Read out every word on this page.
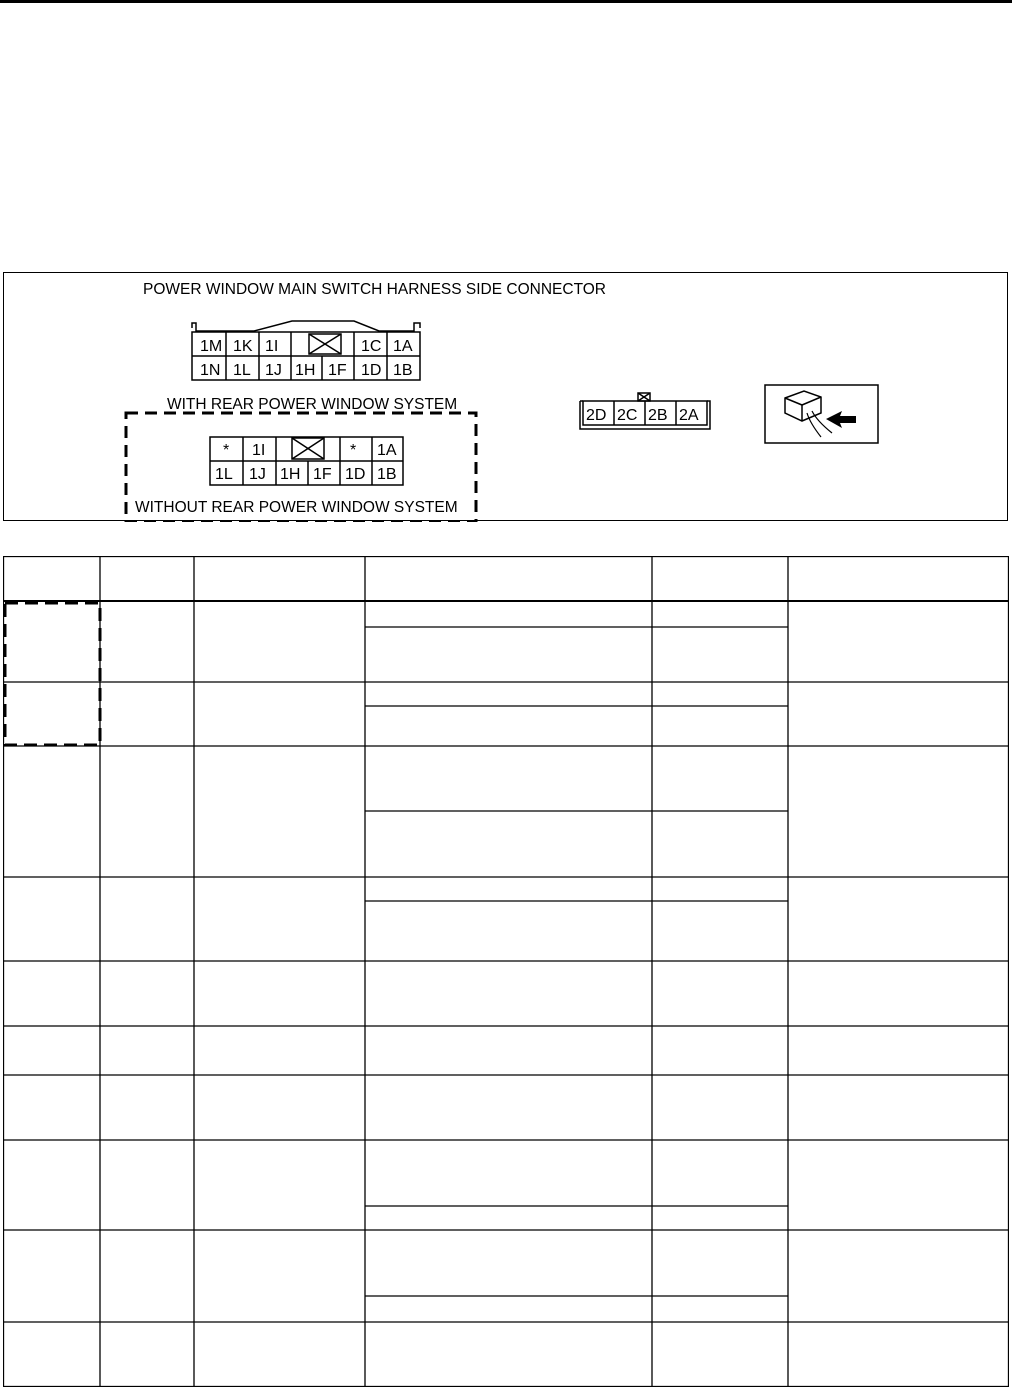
POWER WINDOW MAIN SWITCH HARNESS SIDE CONNECTOR
1M 1K 1I	1C 1A
1N 1L 1J 1H 1F 1D 1B
WITH REAR POWER WINDOW SYSTEM
* 1I	* 1A
1L 1J 1H 1F 1D 1B
WITHOUT REAR POWER WINDOW SYSTEM
2D 2C 2B 2A
